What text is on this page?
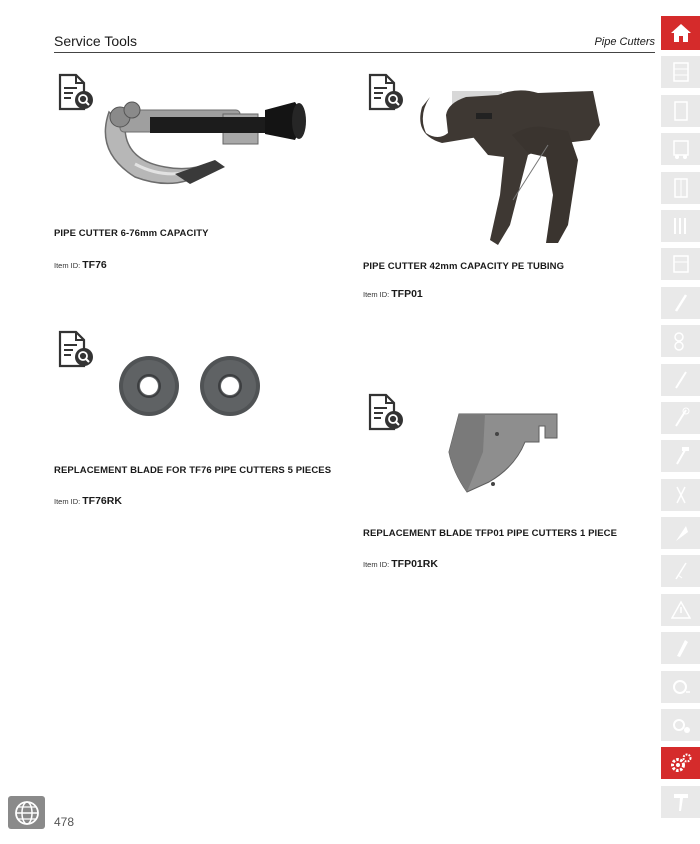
Service Tools	Pipe Cutters
PIPE CUTTER 6-76mm CAPACITY
Item ID: TF76	PIPE CUTTER 42mm CAPACITY PE TUBING
Item ID: TFP01
REPLACEMENT BLADE FOR TF76 PIPE CUTTERS 5 PIECES
Item ID: TF76RK
REPLACEMENT BLADE TFP01 PIPE CUTTERS 1 PIECE
Item ID: TFP01RK
478
